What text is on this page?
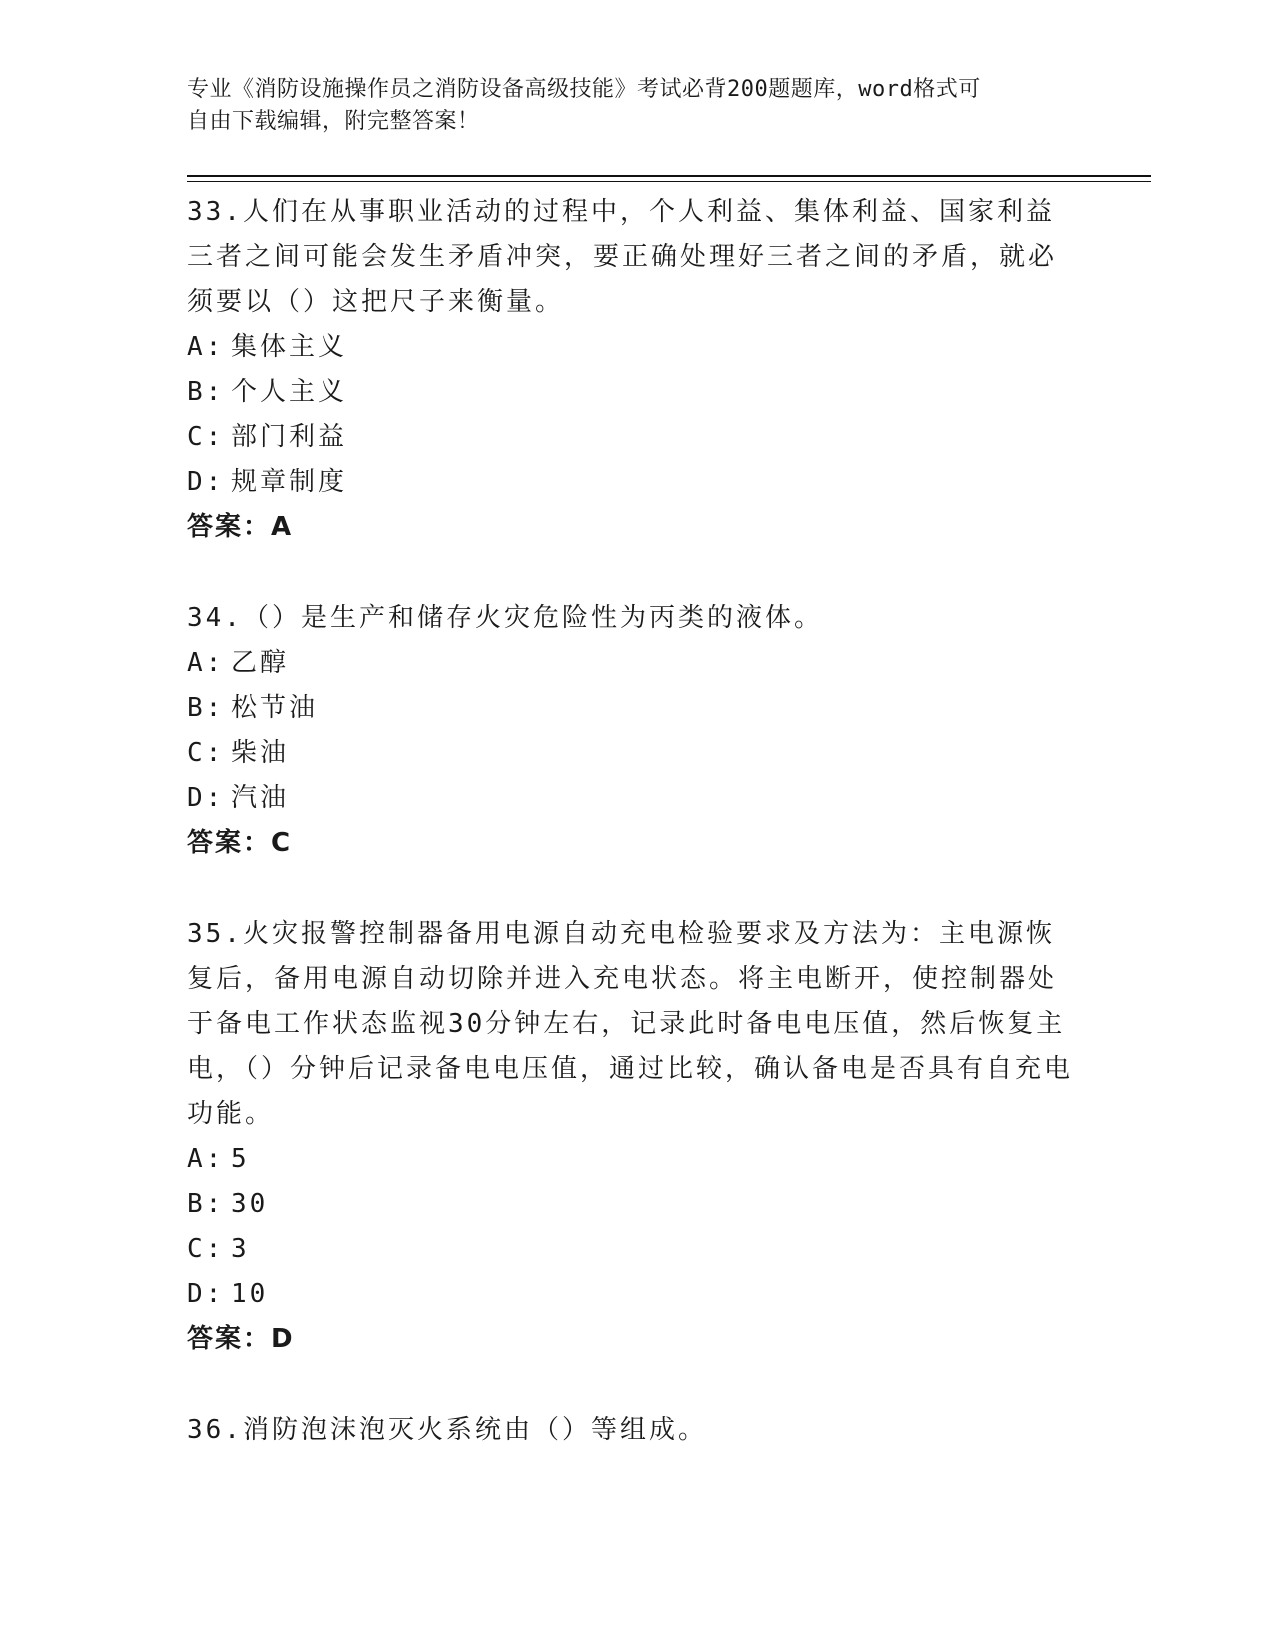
专业《消防设施操作员之消防设备高级技能》考试必背200题题库，word格式可
自由下载编辑，附完整答案！

33.人们在从事职业活动的过程中，个人利益、集体利益、国家利益三者之间可能会发生矛盾冲突，要正确处理好三者之间的矛盾，就必须要以（）这把尺子来衡量。

A: 集体主义

B: 个人主义

C: 部门利益

D: 规章制度

答案：A

34.（）是生产和储存火灾危险性为丙类的液体。

A: 乙醇

B: 松节油

C: 柴油

D: 汽油

答案：C

35.火灾报警控制器备用电源自动充电检验要求及方法为：主电源恢复后，备用电源自动切除并进入充电状态。将主电断开，使控制器处于备电工作状态监视30分钟左右，记录此时备电电压值，然后恢复主电，（）分钟后记录备电电压值，通过比较，确认备电是否具有自充电功能。

A: 5

B: 30

C: 3

D: 10

答案：D

36.消防泡沫泡灭火系统由（）等组成。
